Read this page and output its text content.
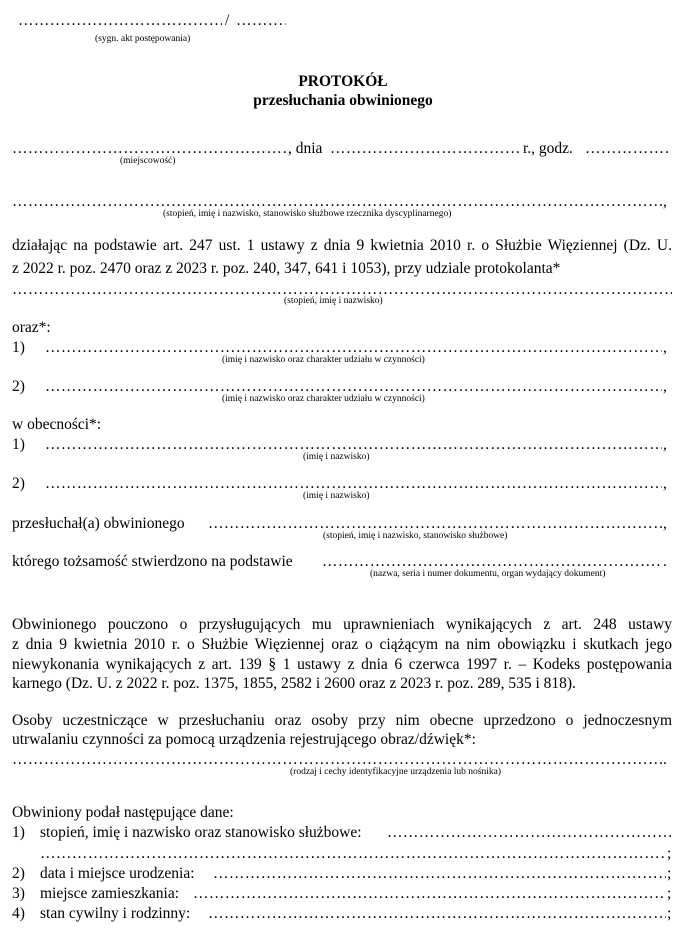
………………………………………………………………………………………………………………………………………………………………………………………………………………………
/
………………………………………………………………………………………………………………………………………………………………………………………………………………………
(sygn. akt postępowania)
PROTOKÓŁ
przesłuchania obwinionego
………………………………………………………………………………………………………………………………………………………………………………………………………………………
, dnia ………………………………………………………………………………………………………………………………………………………………………………………………………………………	r., godz.
………………………………………………………………………………………………………………………………………………………………………………………………………………………
(miejscowość)
………………………………………………………………………………………………………………………………………………………………………………………………………………………
,
(stopień, imię i nazwisko, stanowisko służbowe rzecznika dyscyplinarnego)
działając na podstawie art. 247 ust. 1 ustawy z dnia 9 kwietnia 2010 r. o Służbie Więziennej (Dz. U.
z 2022 r. poz. 2470 oraz z 2023 r. poz. 240, 347, 641 i 1053), przy udziale protokolanta*
………………………………………………………………………………………………………………………………………………………………………………………………………………………
(stopień, imię i nazwisko)
oraz*:
1) ………………………………………………………………………………………………………………………………………………………………………………………………………………………	,
(imię i nazwisko oraz charakter udziału w czynności)
2) ………………………………………………………………………………………………………………………………………………………………………………………………………………………	,
(imię i nazwisko oraz charakter udziału w czynności)
w obecności*:
1) ………………………………………………………………………………………………………………………………………………………………………………………………………………………	,
(imię i nazwisko)
2) ………………………………………………………………………………………………………………………………………………………………………………………………………………………	,
(imię i nazwisko)
przesłuchał(a) obwinionego ………………………………………………………………………………………………………………………………………………………………………………………………………………………	,
(stopień, imię i nazwisko, stanowisko służbowe)
którego tożsamość stwierdzono na podstawie ………………………………………………………………………………………………………………………………………………………………………………………………………………………	.
(nazwa, seria i numer dokumentu, organ wydający dokument)
Obwinionego pouczono o przysługujących mu uprawnieniach wynikających z art. 248 ustawy
z dnia 9 kwietnia 2010 r. o Służbie Więziennej oraz o ciążącym na nim obowiązku i skutkach jego
niewykonania wynikających z art. 139 § 1 ustawy z dnia 6 czerwca 1997 r. – Kodeks postępowania
karnego (Dz. U. z 2022 r. poz. 1375, 1855, 2582 i 2600 oraz z 2023 r. poz. 289, 535 i 818).
Osoby uczestniczące w przesłuchaniu oraz osoby przy nim obecne uprzedzono o jednoczesnym
utrwalaniu czynności za pomocą urządzenia rejestrującego obraz/dźwięk*:
………………………………………………………………………………………………………………………………………………………………………………………………………………………
.
(rodzaj i cechy identyfikacyjne urządzenia lub nośnika)
Obwiniony podał następujące dane:
1) stopień, imię i nazwisko oraz stanowisko służbowe:
………………………………………………………………………………………………………………………………………………………………………………………………………………………
………………………………………………………………………………………………………………………………………………………………………………………………………………………
;
2) data i miejsce urodzenia: ………………………………………………………………………………………………………………………………………………………………………………………………………………………	;
3) miejsce zamieszkania: ………………………………………………………………………………………………………………………………………………………………………………………………………………………	;
4) stan cywilny i rodzinny: ………………………………………………………………………………………………………………………………………………………………………………………………………………………	;
